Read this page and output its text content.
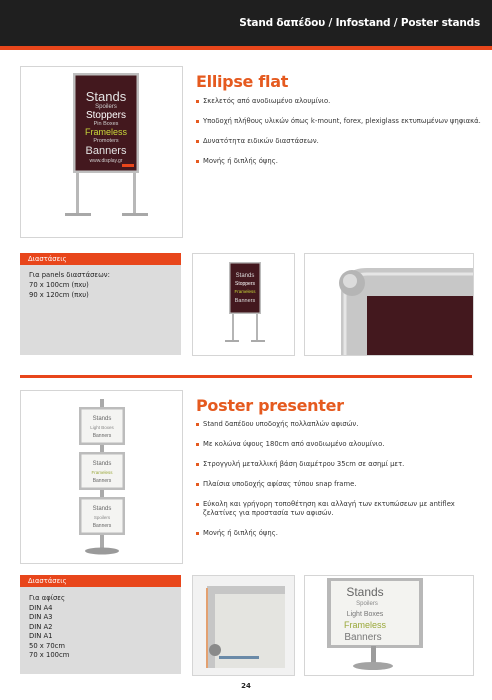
Stand δαπέδου / Infostand / Poster stands
Stands
Spoilers
Stoppers
Pin Boxes
Frameless
Promoters
Banners
www.display.gr
Ellipse flat
Σκελετός από ανοδιωμένο αλουμίνιο.
Υποδοχή πλήθους υλικών όπως k-mount, forex, plexiglass εκτυπωμένων ψηφιακά.
Δυνατότητα ειδικών διαστάσεων.
Μονής ή διπλής όψης.
Διαστάσεις
Για panels διαστάσεων:
70 x 100cm (πxυ)
90 x 120cm (πxυ)
Stands
Stoppers
Frameless
Banners
Stands
Light Boxes
Banners
Stands
Frameless
Banners
Stands
Spoilers
Banners
Poster presenter
Stand δαπέδου υποδοχής πολλαπλών αφισών.
Με κολώνα ύψους 180cm από ανοδιωμένο αλουμίνιο.
Στρογγυλή μεταλλική βάση διαμέτρου 35cm σε ασημί μετ.
Πλαίσια υποδοχής αφίσας τύπου snap frame.
Εύκολη και γρήγορη τοποθέτηση και αλλαγή των εκτυπώσεων με antiflex ζελατίνες για προστασία των αφισών.
Μονής ή διπλής όψης.
Διαστάσεις
Για αφίσες
DIN A4
DIN A3
DIN A2
DIN A1
50 x 70cm
70 x 100cm
Stands
Spoilers
Light Boxes
Frameless
Banners
24
